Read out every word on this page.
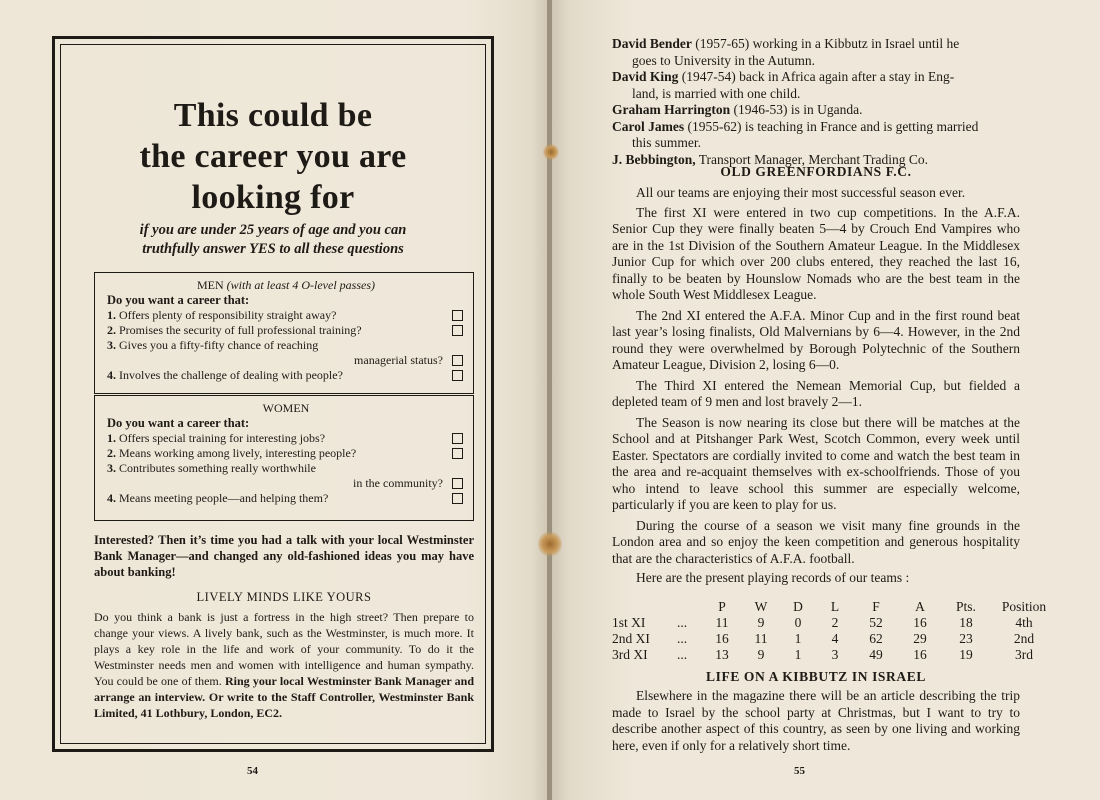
This could be
the career you are
looking for
if you are under 25 years of age and you can
truthfully answer YES to all these questions
MEN (with at least 4 O-level passes)
Do you want a career that:
1. Offers plenty of responsibility straight away?
2. Promises the security of full professional training?
3. Gives you a fifty-fifty chance of reaching
managerial status?
4. Involves the challenge of dealing with people?
WOMEN
Do you want a career that:
1. Offers special training for interesting jobs?
2. Means working among lively, interesting people?
3. Contributes something really worthwhile
in the community?
4. Means meeting people—and helping them?
Interested? Then it’s time you had a talk with your local Westminster Bank Manager—and changed any old-fashioned ideas you may have about banking!
LIVELY MINDS LIKE YOURS
Do you think a bank is just a fortress in the high street? Then prepare to change your views. A lively bank, such as the Westminster, is much more. It plays a key role in the life and work of your community. To do it the Westminster needs men and women with intelligence and human sympathy. You could be one of them. Ring your local Westminster Bank Manager and arrange an interview. Or write to the Staff Controller, Westminster Bank Limited, 41 Lothbury, London, EC2.
54
David Bender (1957-65) working in a Kibbutz in Israel until he
goes to University in the Autumn.
David King (1947-54) back in Africa again after a stay in Eng-
land, is married with one child.
Graham Harrington (1946-53) is in Uganda.
Carol James (1955-62) is teaching in France and is getting married
this summer.
J. Bebbington, Transport Manager, Merchant Trading Co.
OLD GREENFORDIANS F.C.

All our teams are enjoying their most successful season ever.

The first XI were entered in two cup competitions. In the A.F.A. Senior Cup they were finally beaten 5—4 by Crouch End Vampires who are in the 1st Division of the Southern Amateur League. In the Middlesex Junior Cup for which over 200 clubs entered, they reached the last 16, finally to be beaten by Hounslow Nomads who are the best team in the whole South West Middlesex League.

The 2nd XI entered the A.F.A. Minor Cup and in the first round beat last year’s losing finalists, Old Malvernians by 6—4. However, in the 2nd round they were overwhelmed by Borough Polytechnic of the Southern Amateur League, Division 2, losing 6—0.

The Third XI entered the Nemean Memorial Cup, but fielded a depleted team of 9 men and lost bravely 2—1.

The Season is now nearing its close but there will be matches at the School and at Pitshanger Park West, Scotch Common, every week until Easter. Spectators are cordially invited to come and watch the best team in the area and re-acquaint themselves with ex-schoolfriends. Those of you who intend to leave school this summer are especially welcome, particularly if you are keen to play for us.

During the course of a season we visit many fine grounds in the London area and so enjoy the keen competition and generous hospitality that are the characteristics of A.F.A. football.

Here are the present playing records of our teams :

		P	W	D	L	F	A	Pts.	Position
1st XI	...	11	9	0	2	52	16	18	4th
2nd XI	...	16	11	1	4	62	29	23	2nd
3rd XI	...	13	9	1	3	49	16	19	3rd
LIFE ON A KIBBUTZ IN ISRAEL

Elsewhere in the magazine there will be an article describing the trip made to Israel by the school party at Christmas, but I want to try to describe another aspect of this country, as seen by one living and working here, even if only for a relatively short time.

55
